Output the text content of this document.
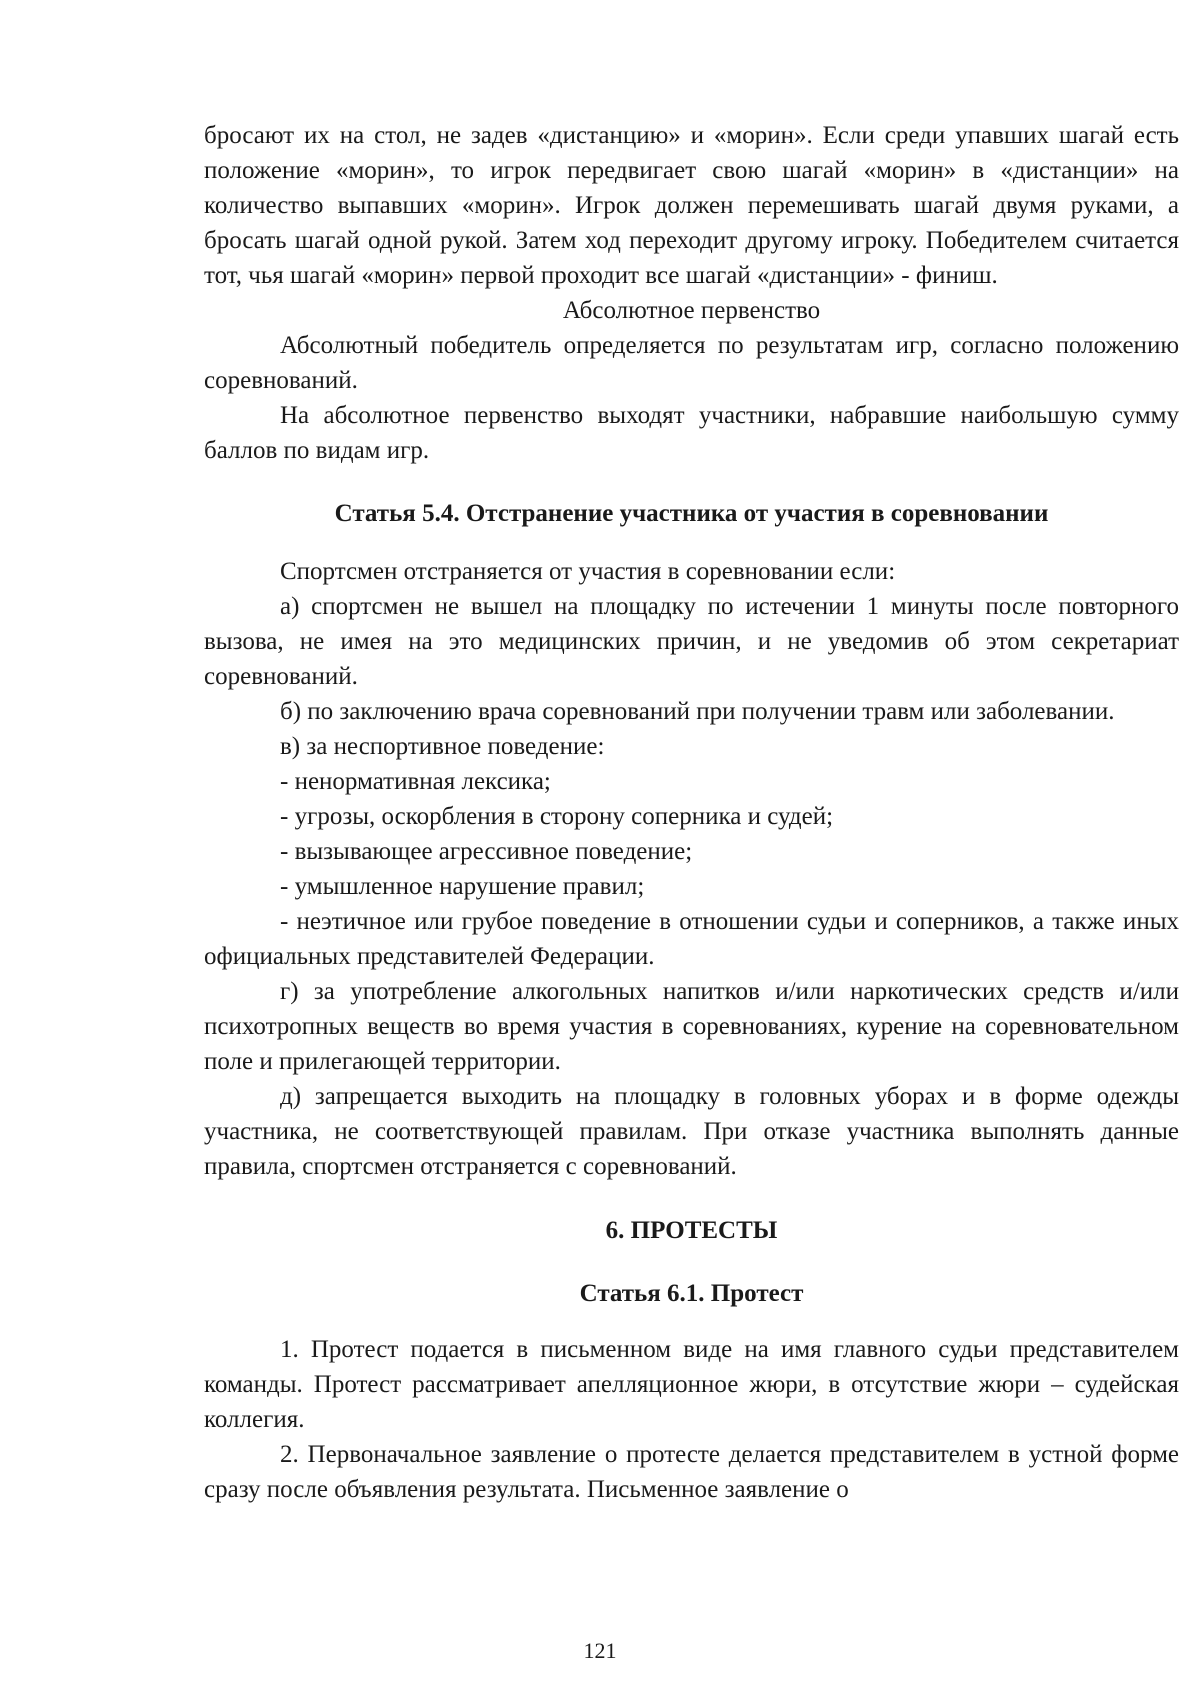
бросают их на стол, не задев «дистанцию» и «морин». Если среди упавших шагай есть положение «морин», то игрок передвигает свою шагай «морин» в «дистанции» на количество выпавших «морин». Игрок должен перемешивать шагай двумя руками, а бросать шагай одной рукой. Затем ход переходит другому игроку. Победителем считается тот, чья шагай «морин» первой проходит все шагай «дистанции» - финиш.

Абсолютное первенство

Абсолютный победитель определяется по результатам игр, согласно положению соревнований.

На абсолютное первенство выходят участники, набравшие наибольшую сумму баллов по видам игр.

Статья 5.4. Отстранение участника от участия в соревновании

Спортсмен отстраняется от участия в соревновании если:

а) спортсмен не вышел на площадку по истечении 1 минуты после повторного вызова, не имея на это медицинских причин, и не уведомив об этом секретариат соревнований.

б) по заключению врача соревнований при получении травм или заболевании.

в) за неспортивное поведение:

- ненормативная лексика;

- угрозы, оскорбления в сторону соперника и судей;

- вызывающее агрессивное поведение;

- умышленное нарушение правил;

- неэтичное или грубое поведение в отношении судьи и соперников, а также иных официальных представителей Федерации.

г) за употребление алкогольных напитков и/или наркотических средств и/или психотропных веществ во время участия в соревнованиях, курение на соревновательном поле и прилегающей территории.

д) запрещается выходить на площадку в головных уборах и в форме одежды участника, не соответствующей правилам. При отказе участника выполнять данные правила, спортсмен отстраняется с соревнований.

6. ПРОТЕСТЫ

Статья 6.1. Протест

1. Протест подается в письменном виде на имя главного судьи представителем команды. Протест рассматривает апелляционное жюри, в отсутствие жюри – судейская коллегия.

2. Первоначальное заявление о протесте делается представителем в устной форме сразу после объявления результата. Письменное заявление о

121
